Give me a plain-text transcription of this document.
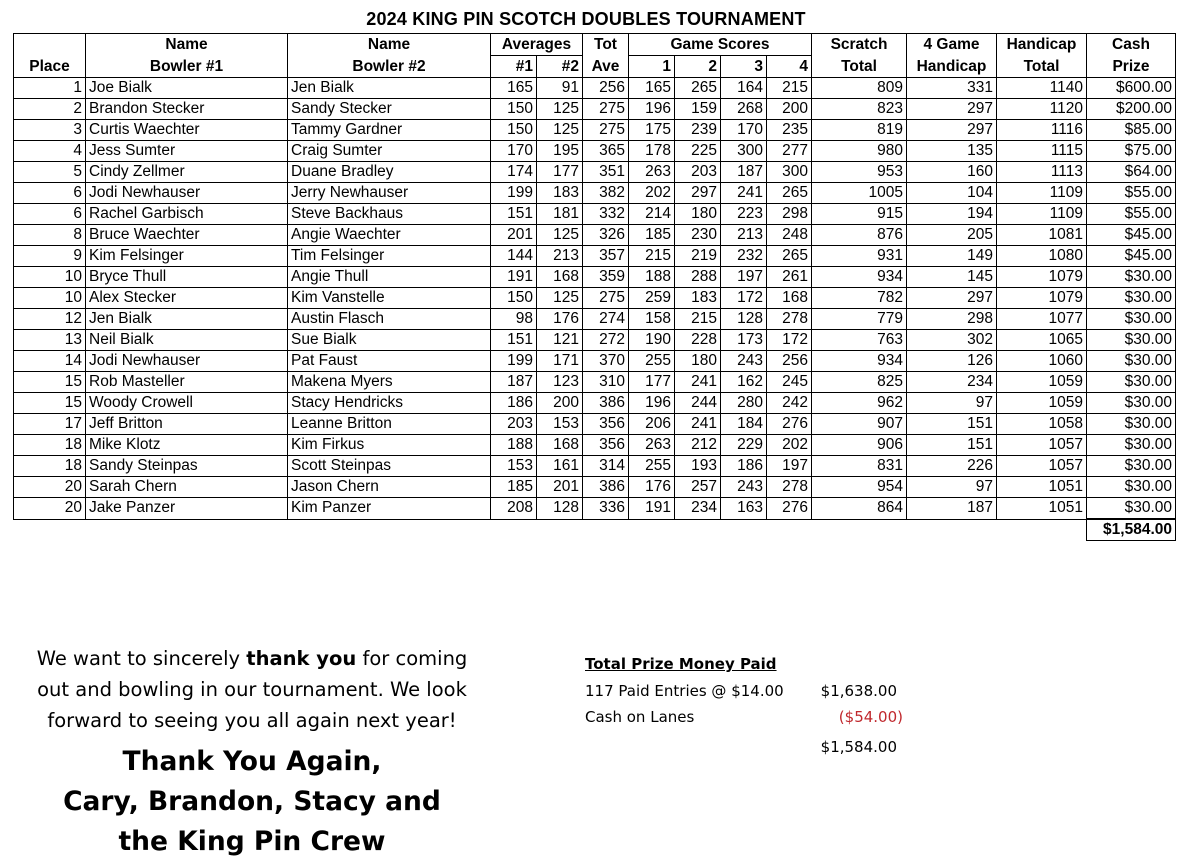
2024 KING PIN SCOTCH DOUBLES TOURNAMENT
	Name	Name	Averages		Tot	Game Scores				Scratch	4 Game	Handicap	Cash
Place	Bowler #1	Bowler #2	#1	#2	Ave	1	2	3	4	Total	Handicap	Total	Prize
1	Joe Bialk	Jen Bialk	165	91	256	165	265	164	215	809	331	1140	$600.00
2	Brandon Stecker	Sandy Stecker	150	125	275	196	159	268	200	823	297	1120	$200.00
3	Curtis Waechter	Tammy Gardner	150	125	275	175	239	170	235	819	297	1116	$85.00
4	Jess Sumter	Craig Sumter	170	195	365	178	225	300	277	980	135	1115	$75.00
5	Cindy Zellmer	Duane Bradley	174	177	351	263	203	187	300	953	160	1113	$64.00
6	Jodi Newhauser	Jerry Newhauser	199	183	382	202	297	241	265	1005	104	1109	$55.00
6	Rachel Garbisch	Steve Backhaus	151	181	332	214	180	223	298	915	194	1109	$55.00
8	Bruce Waechter	Angie Waechter	201	125	326	185	230	213	248	876	205	1081	$45.00
9	Kim Felsinger	Tim Felsinger	144	213	357	215	219	232	265	931	149	1080	$45.00
10	Bryce Thull	Angie Thull	191	168	359	188	288	197	261	934	145	1079	$30.00
10	Alex Stecker	Kim Vanstelle	150	125	275	259	183	172	168	782	297	1079	$30.00
12	Jen Bialk	Austin Flasch	98	176	274	158	215	128	278	779	298	1077	$30.00
13	Neil Bialk	Sue Bialk	151	121	272	190	228	173	172	763	302	1065	$30.00
14	Jodi Newhauser	Pat Faust	199	171	370	255	180	243	256	934	126	1060	$30.00
15	Rob Masteller	Makena Myers	187	123	310	177	241	162	245	825	234	1059	$30.00
15	Woody Crowell	Stacy Hendricks	186	200	386	196	244	280	242	962	97	1059	$30.00
17	Jeff Britton	Leanne Britton	203	153	356	206	241	184	276	907	151	1058	$30.00
18	Mike Klotz	Kim Firkus	188	168	356	263	212	229	202	906	151	1057	$30.00
18	Sandy Steinpas	Scott Steinpas	153	161	314	255	193	186	197	831	226	1057	$30.00
20	Sarah Chern	Jason Chern	185	201	386	176	257	243	278	954	97	1051	$30.00
20	Jake Panzer	Kim Panzer	208	128	336	191	234	163	276	864	187	1051	$30.00
													$1,584.00
We want to sincerely thank you for coming
out and bowling in our tournament. We look
forward to seeing you all again next year!
Thank You Again,
Cary, Brandon, Stacy and
the King Pin Crew
Total Prize Money Paid
117 Paid Entries @ $14.00 $1,638.00
Cash on Lanes	($54.00)
$1,584.00
